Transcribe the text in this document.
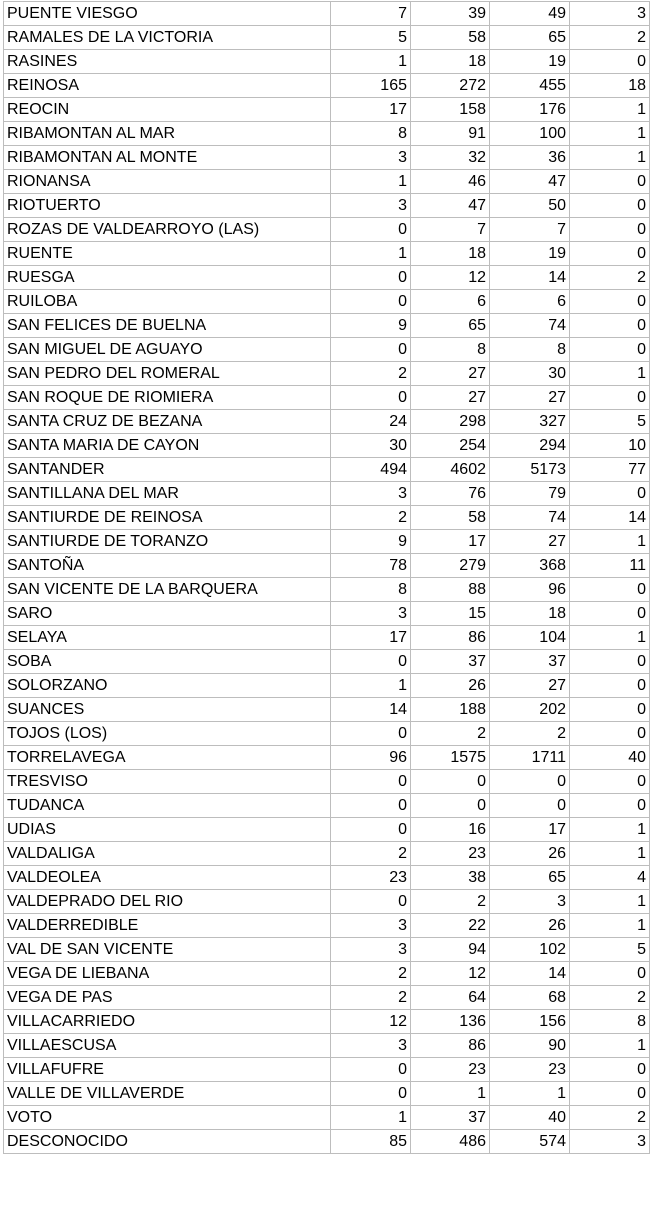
PUENTE VIESGO	7	39	49	3
RAMALES DE LA VICTORIA	5	58	65	2
RASINES	1	18	19	0
REINOSA	165	272	455	18
REOCIN	17	158	176	1
RIBAMONTAN AL MAR	8	91	100	1
RIBAMONTAN AL MONTE	3	32	36	1
RIONANSA	1	46	47	0
RIOTUERTO	3	47	50	0
ROZAS DE VALDEARROYO (LAS)	0	7	7	0
RUENTE	1	18	19	0
RUESGA	0	12	14	2
RUILOBA	0	6	6	0
SAN FELICES DE BUELNA	9	65	74	0
SAN MIGUEL DE AGUAYO	0	8	8	0
SAN PEDRO DEL ROMERAL	2	27	30	1
SAN ROQUE DE RIOMIERA	0	27	27	0
SANTA CRUZ DE BEZANA	24	298	327	5
SANTA MARIA DE CAYON	30	254	294	10
SANTANDER	494	4602	5173	77
SANTILLANA DEL MAR	3	76	79	0
SANTIURDE DE REINOSA	2	58	74	14
SANTIURDE DE TORANZO	9	17	27	1
SANTOÑA	78	279	368	11
SAN VICENTE DE LA BARQUERA	8	88	96	0
SARO	3	15	18	0
SELAYA	17	86	104	1
SOBA	0	37	37	0
SOLORZANO	1	26	27	0
SUANCES	14	188	202	0
TOJOS (LOS)	0	2	2	0
TORRELAVEGA	96	1575	1711	40
TRESVISO	0	0	0	0
TUDANCA	0	0	0	0
UDIAS	0	16	17	1
VALDALIGA	2	23	26	1
VALDEOLEA	23	38	65	4
VALDEPRADO DEL RIO	0	2	3	1
VALDERREDIBLE	3	22	26	1
VAL DE SAN VICENTE	3	94	102	5
VEGA DE LIEBANA	2	12	14	0
VEGA DE PAS	2	64	68	2
VILLACARRIEDO	12	136	156	8
VILLAESCUSA	3	86	90	1
VILLAFUFRE	0	23	23	0
VALLE DE VILLAVERDE	0	1	1	0
VOTO	1	37	40	2
DESCONOCIDO	85	486	574	3
